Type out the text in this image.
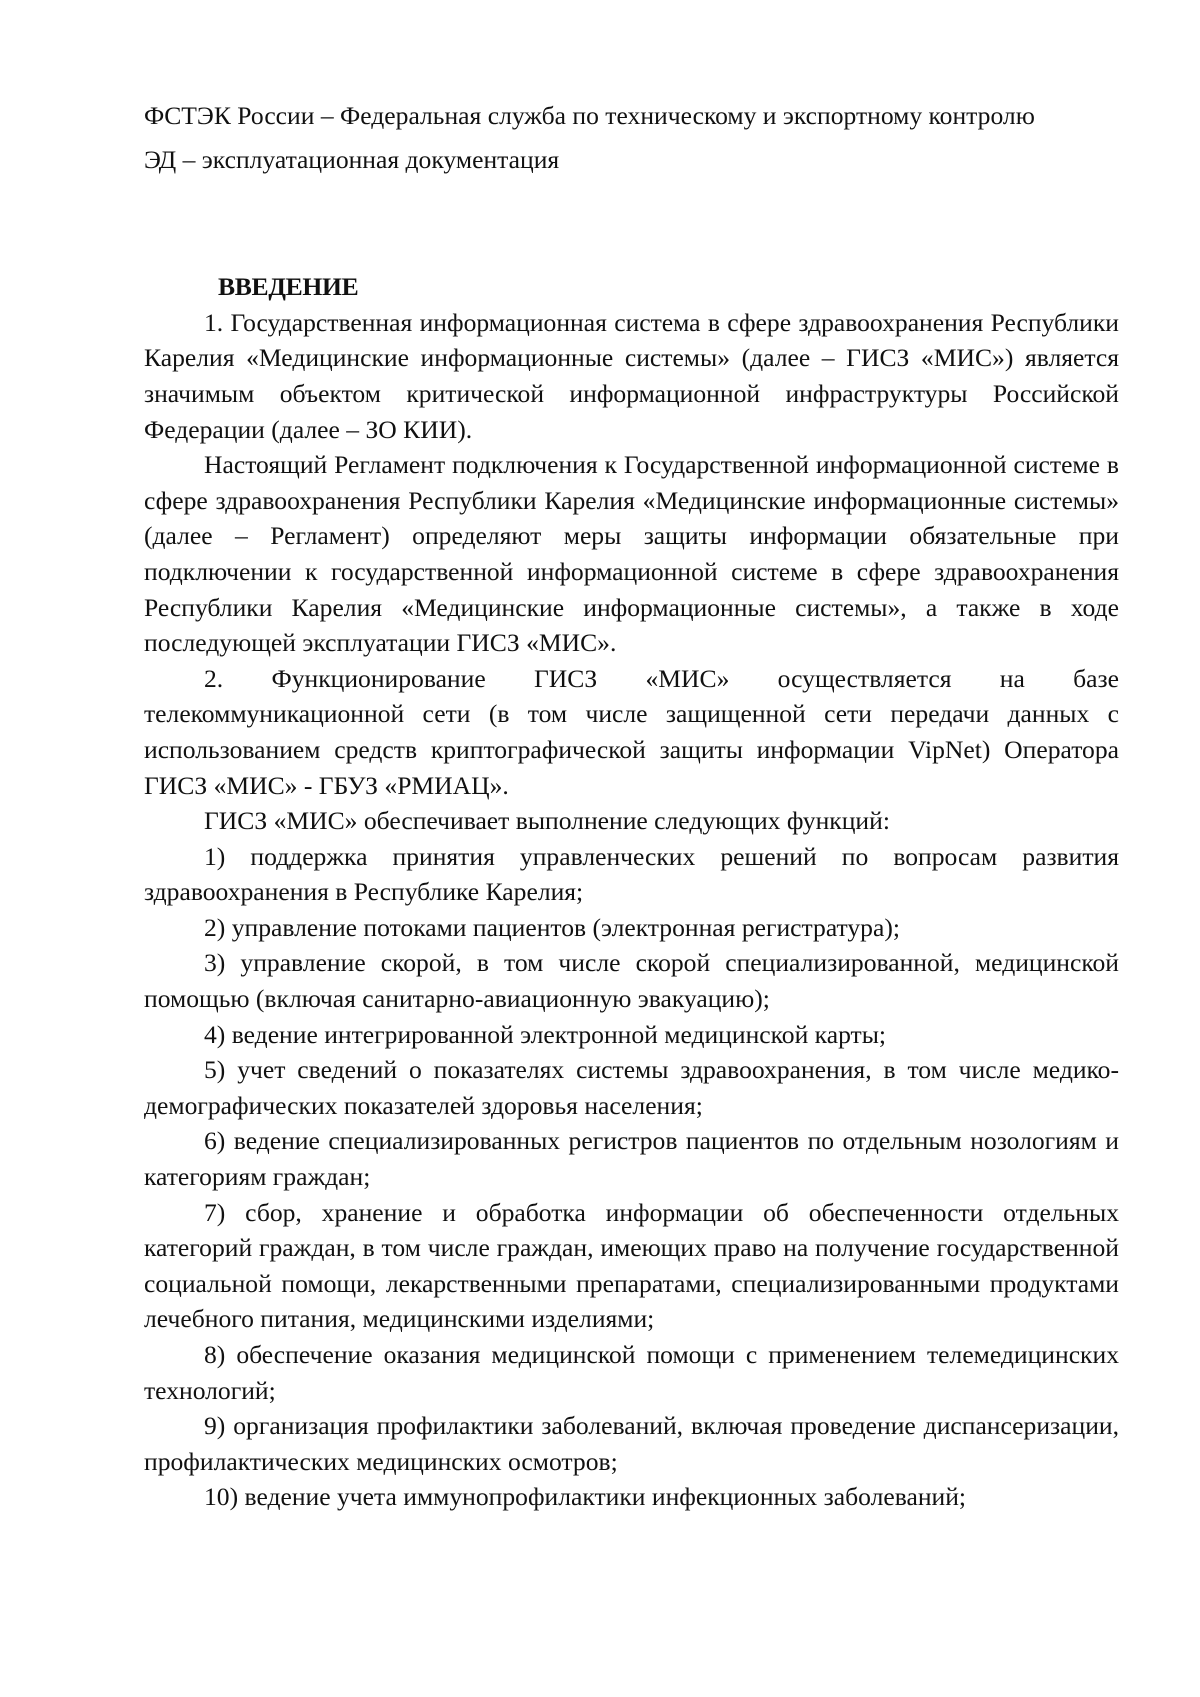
ФСТЭК России – Федеральная служба по техническому и экспортному контролю

ЭД – эксплуатационная документация

ВВЕДЕНИЕ

1. Государственная информационная система в сфере здравоохранения Республики Карелия «Медицинские информационные системы» (далее – ГИСЗ «МИС») является значимым объектом критической информационной инфраструктуры Российской Федерации (далее – ЗО КИИ).

Настоящий Регламент подключения к Государственной информационной системе в сфере здравоохранения Республики Карелия «Медицинские информационные системы» (далее – Регламент) определяют меры защиты информации обязательные при подключении к государственной информационной системе в сфере здравоохранения Республики Карелия «Медицинские информационные системы», а также в ходе последующей эксплуатации ГИСЗ «МИС».

2. Функционирование ГИСЗ «МИС» осуществляется на базе телекоммуникационной сети (в том числе защищенной сети передачи данных с использованием средств криптографической защиты информации VipNet) Оператора ГИСЗ «МИС» - ГБУЗ «РМИАЦ».

ГИСЗ «МИС» обеспечивает выполнение следующих функций:

1) поддержка принятия управленческих решений по вопросам развития здравоохранения в Республике Карелия;

2) управление потоками пациентов (электронная регистратура);

3) управление скорой, в том числе скорой специализированной, медицинской помощью (включая санитарно-авиационную эвакуацию);

4) ведение интегрированной электронной медицинской карты;

5) учет сведений о показателях системы здравоохранения, в том числе медико-демографических показателей здоровья населения;

6) ведение специализированных регистров пациентов по отдельным нозологиям и категориям граждан;

7) сбор, хранение и обработка информации об обеспеченности отдельных категорий граждан, в том числе граждан, имеющих право на получение государственной социальной помощи, лекарственными препаратами, специализированными продуктами лечебного питания, медицинскими изделиями;

8) обеспечение оказания медицинской помощи с применением телемедицинских технологий;

9) организация профилактики заболеваний, включая проведение диспансеризации, профилактических медицинских осмотров;

10) ведение учета иммунопрофилактики инфекционных заболеваний;
